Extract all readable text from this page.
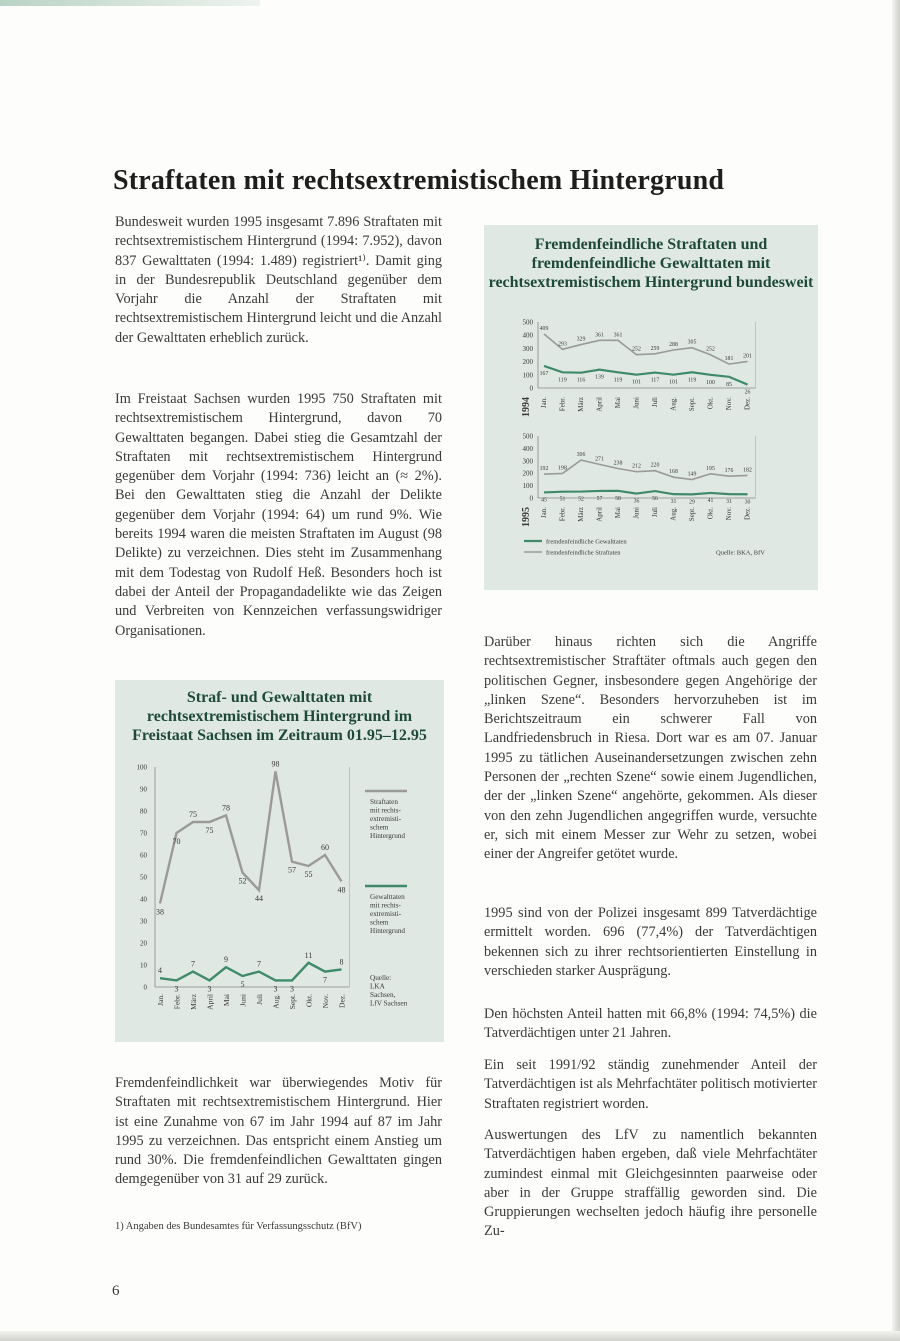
Straftaten mit rechtsextremistischem Hintergrund

Bundesweit wurden 1995 insgesamt 7.896 Straftaten mit rechtsextremistischem Hintergrund (1994: 7.952), davon 837 Gewalttaten (1994: 1.489) registriert¹⁾. Damit ging in der Bundesrepublik Deutschland gegenüber dem Vorjahr die Anzahl der Straftaten mit rechtsextremistischem Hintergrund leicht und die Anzahl der Gewalttaten erheblich zurück.

Im Freistaat Sachsen wurden 1995 750 Straftaten mit rechtsextremistischem Hintergrund, davon 70 Gewalttaten begangen. Dabei stieg die Gesamtzahl der Straftaten mit rechtsextremistischem Hintergrund gegenüber dem Vorjahr (1994: 736) leicht an (≈ 2%). Bei den Gewalttaten stieg die Anzahl der Delikte gegenüber dem Vorjahr (1994: 64) um rund 9%. Wie bereits 1994 waren die meisten Straftaten im August (98 Delikte) zu verzeichnen. Dies steht im Zusammenhang mit dem Todestag von Rudolf Heß. Besonders hoch ist dabei der Anteil der Propagandadelikte wie das Zeigen und Verbreiten von Kennzeichen verfassungswidriger Organisationen.

Fremdenfeindliche Straftaten und fremdenfeindliche Gewalttaten mit rechtsextremistischem Hintergrund bundesweit
0
100
200
300
400
500
409
293
329
361 361
252 259
288 305
252
181 201
167
119 116
139 119 101 117 101 119 100 85
26
Jan. Febr. März April Mai Juni Juli Aug. Sept. Okt. Nov. Dez.
1994
0
100
200
300
400
500
192 198
306
271
238
212 220
168 149
195 176 182
45 51 52 57 58 36 56
31 29 41 31 30
Jan. Febr. März April Mai Juni Juli Aug. Sept. Okt. Nov. Dez.
1995
fremdenfeindliche Gewalttaten
fremdenfeindliche Straftaten	Quelle: BKA, BfV
Straf- und Gewalttaten mit rechtsextremistischem Hintergrund im Freistaat Sachsen im Zeitraum 01.95–12.95
0
10
20
30
40
50
60
70
80
90
100
38
70
75
75
78
52
44
98
57 55
60
48
4
3
7
3
9
5
7
3 3
11
7
8
Jan. Febr. März April Mai Juni Juli Aug. Sept. Okt. Nov. Dez.
Straftaten mit rechts-extremisti-schem Hintergrund
Gewalttaten mit rechts-extremisti-schem Hintergrund
Quelle: LKA Sachsen, LfV Sachsen

Fremdenfeindlichkeit war überwiegendes Motiv für Straftaten mit rechtsextremistischem Hintergrund. Hier ist eine Zunahme von 67 im Jahr 1994 auf 87 im Jahr 1995 zu verzeichnen. Das entspricht einem Anstieg um rund 30%. Die fremdenfeindlichen Gewalttaten gingen demgegenüber von 31 auf 29 zurück.

1) Angaben des Bundesamtes für Verfassungsschutz (BfV)

Darüber hinaus richten sich die Angriffe rechtsextremistischer Straftäter oftmals auch gegen den politischen Gegner, insbesondere gegen Angehörige der „linken Szene“. Besonders hervorzuheben ist im Berichtszeitraum ein schwerer Fall von Landfriedensbruch in Riesa. Dort war es am 07. Januar 1995 zu tätlichen Auseinandersetzungen zwischen zehn Personen der „rechten Szene“ sowie einem Jugendlichen, der der „linken Szene“ angehörte, gekommen. Als dieser von den zehn Jugendlichen angegriffen wurde, versuchte er, sich mit einem Messer zur Wehr zu setzen, wobei einer der Angreifer getötet wurde.

1995 sind von der Polizei insgesamt 899 Tatverdächtige ermittelt worden. 696 (77,4%) der Tatverdächtigen bekennen sich zu ihrer rechtsorientierten Einstellung in verschieden starker Ausprägung.

Den höchsten Anteil hatten mit 66,8% (1994: 74,5%) die Tatverdächtigen unter 21 Jahren.

Ein seit 1991/92 ständig zunehmender Anteil der Tatverdächtigen ist als Mehrfachtäter politisch motivierter Straftaten registriert worden.

Auswertungen des LfV zu namentlich bekannten Tatverdächtigen haben ergeben, daß viele Mehrfachtäter zumindest einmal mit Gleichgesinnten paarweise oder aber in der Gruppe straffällig geworden sind. Die Gruppierungen wechselten jedoch häufig ihre personelle Zu-

6
